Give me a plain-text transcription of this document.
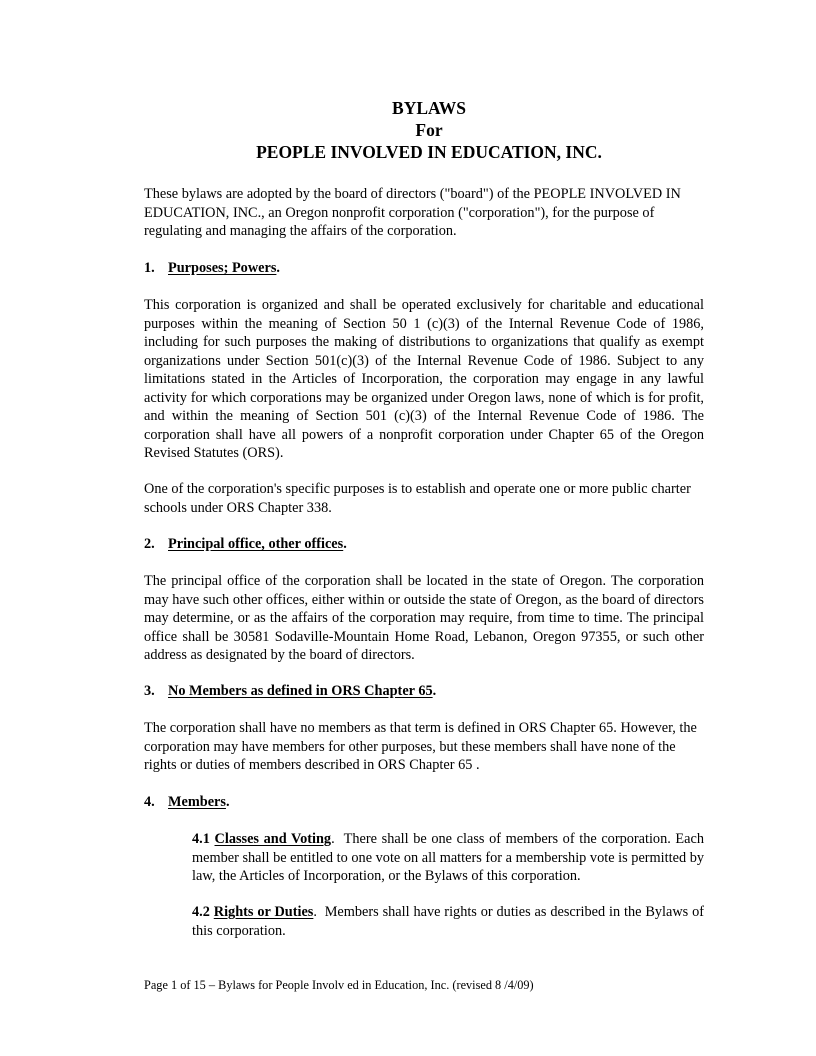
BYLAWS
For
PEOPLE INVOLVED IN EDUCATION, INC.
These bylaws are adopted by the board of directors ("board") of the PEOPLE INVOLVED IN EDUCATION, INC., an Oregon nonprofit corporation ("corporation"), for the purpose of regulating and managing the affairs of the corporation.
1. Purposes; Powers.
This corporation is organized and shall be operated exclusively for charitable and educational purposes within the meaning of Section 50 1 (c)(3) of the Internal Revenue Code of 1986, including for such purposes the making of distributions to organizations that qualify as exempt organizations under Section 501(c)(3) of the Internal Revenue Code of 1986. Subject to any limitations stated in the Articles of Incorporation, the corporation may engage in any lawful activity for which corporations may be organized under Oregon laws, none of which is for profit, and within the meaning of Section 501 (c)(3) of the Internal Revenue Code of 1986. The corporation shall have all powers of a nonprofit corporation under Chapter 65 of the Oregon Revised Statutes (ORS).
One of the corporation's specific purposes is to establish and operate one or more public charter schools under ORS Chapter 338.
2. Principal office, other offices.
The principal office of the corporation shall be located in the state of Oregon. The corporation may have such other offices, either within or outside the state of Oregon, as the board of directors may determine, or as the affairs of the corporation may require, from time to time. The principal office shall be 30581 Sodaville-Mountain Home Road, Lebanon, Oregon 97355, or such other address as designated by the board of directors.
3. No Members as defined in ORS Chapter 65.
The corporation shall have no members as that term is defined in ORS Chapter 65. However, the corporation may have members for other purposes, but these members shall have none of the rights or duties of members described in ORS Chapter 65 .
4. Members.
4.1 Classes and Voting.  There shall be one class of members of the corporation. Each member shall be entitled to one vote on all matters for a membership vote is permitted by law, the Articles of Incorporation, or the Bylaws of this corporation.
4.2 Rights or Duties.  Members shall have rights or duties as described in the Bylaws of this corporation.
Page 1 of 15 – Bylaws for People Involv ed in Education, Inc. (revised 8 /4/09)
